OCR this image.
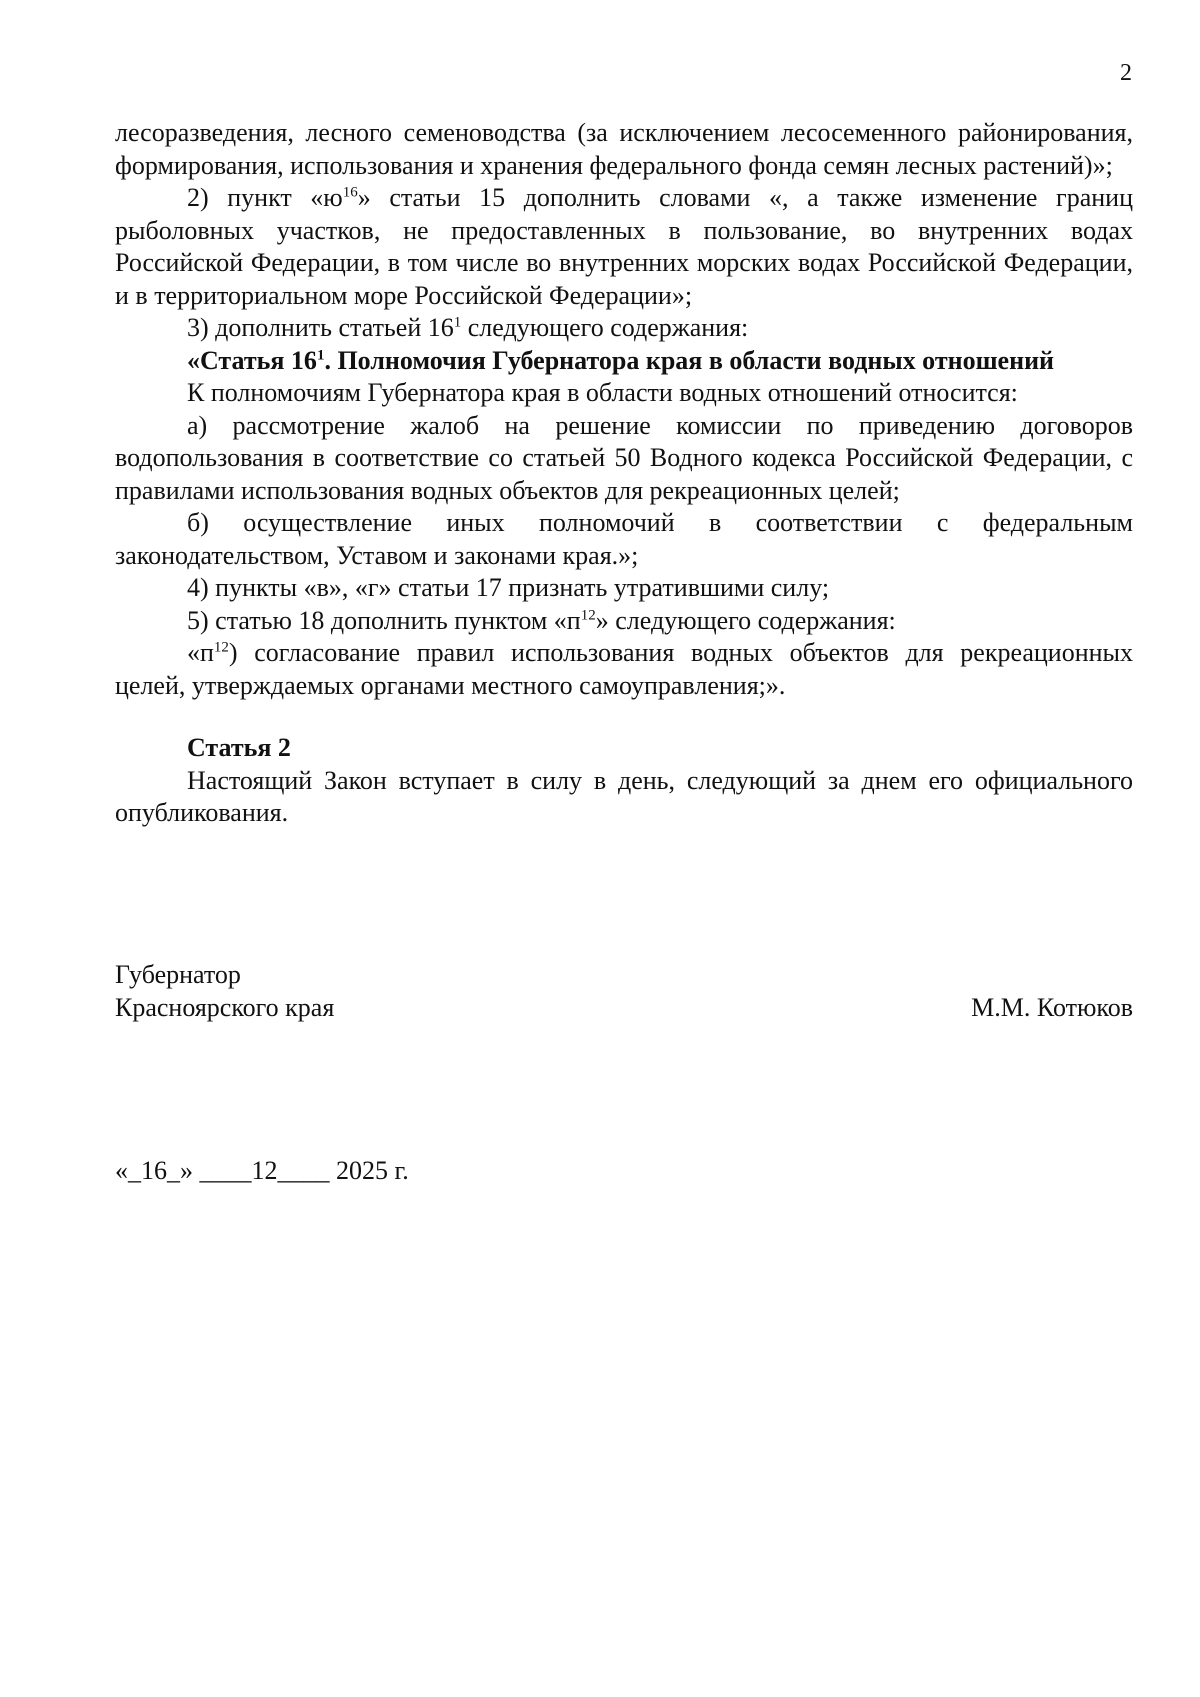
2

лесоразведения, лесного семеноводства (за исключением лесосеменного районирования, формирования, использования и хранения федерального фонда семян лесных растений)»;

2) пункт «$ю^{16}$» статьи 15 дополнить словами «, а также изменение границ рыболовных участков, не предоставленных в пользование, во внутренних водах Российской Федерации, в том числе во внутренних морских водах Российской Федерации, и в территориальном море Российской Федерации»;

3) дополнить статьей $16^1$ следующего содержания:

«Статья $16^1$. Полномочия Губернатора края в области водных отношений

К полномочиям Губернатора края в области водных отношений относится:

а) рассмотрение жалоб на решение комиссии по приведению договоров водопользования в соответствие со статьей 50 Водного кодекса Российской Федерации, с правилами использования водных объектов для рекреационных целей;

б) осуществление иных полномочий в соответствии с федеральным законодательством, Уставом и законами края.»;

4) пункты «в», «г» статьи 17 признать утратившими силу;

5) статью 18 дополнить пунктом «$п^{12}$» следующего содержания:

«$п^{12}$) согласование правил использования водных объектов для рекреационных целей, утверждаемых органами местного самоуправления;».

Статья 2

Настоящий Закон вступает в силу в день, следующий за днем его официального опубликования.

Губернатор
Красноярского края	М.М. Котюков
«_16_» ____12____ 2025 г.
